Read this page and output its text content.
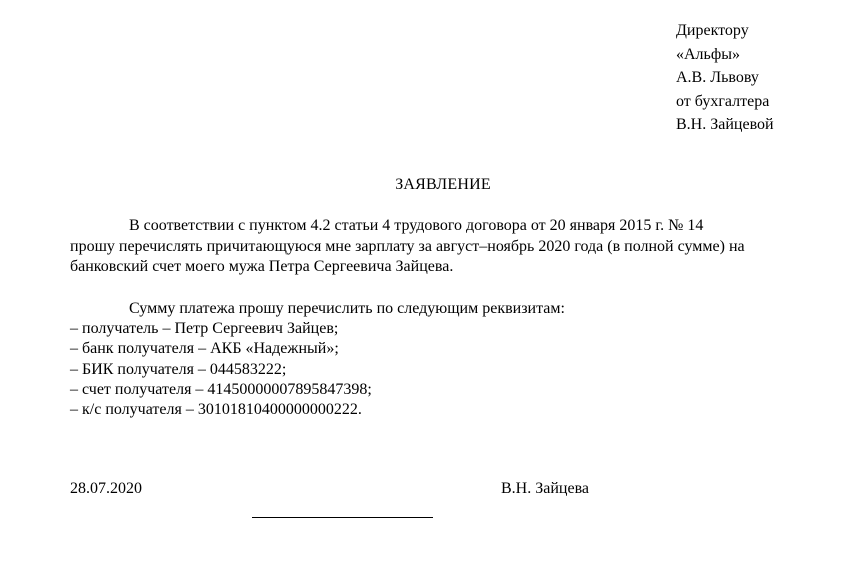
Директору
«Альфы»
А.В. Львову
от бухгалтера
В.Н. Зайцевой
ЗАЯВЛЕНИЕ
В соответствии с пунктом 4.2 статьи 4 трудового договора от 20 января 2015 г. № 14
прошу перечислять причитающуюся мне зарплату за август–ноябрь 2020 года (в полной сумме) на
банковский счет моего мужа Петра Сергеевича Зайцева.
Сумму платежа прошу перечислить по следующим реквизитам:
– получатель – Петр Сергеевич Зайцев;
– банк получателя – АКБ «Надежный»;
– БИК получателя – 044583222;
– счет получателя – 41450000007895847398;
– к/с получателя – 30101810400000000222.
28.07.2020	В.Н. Зайцева
